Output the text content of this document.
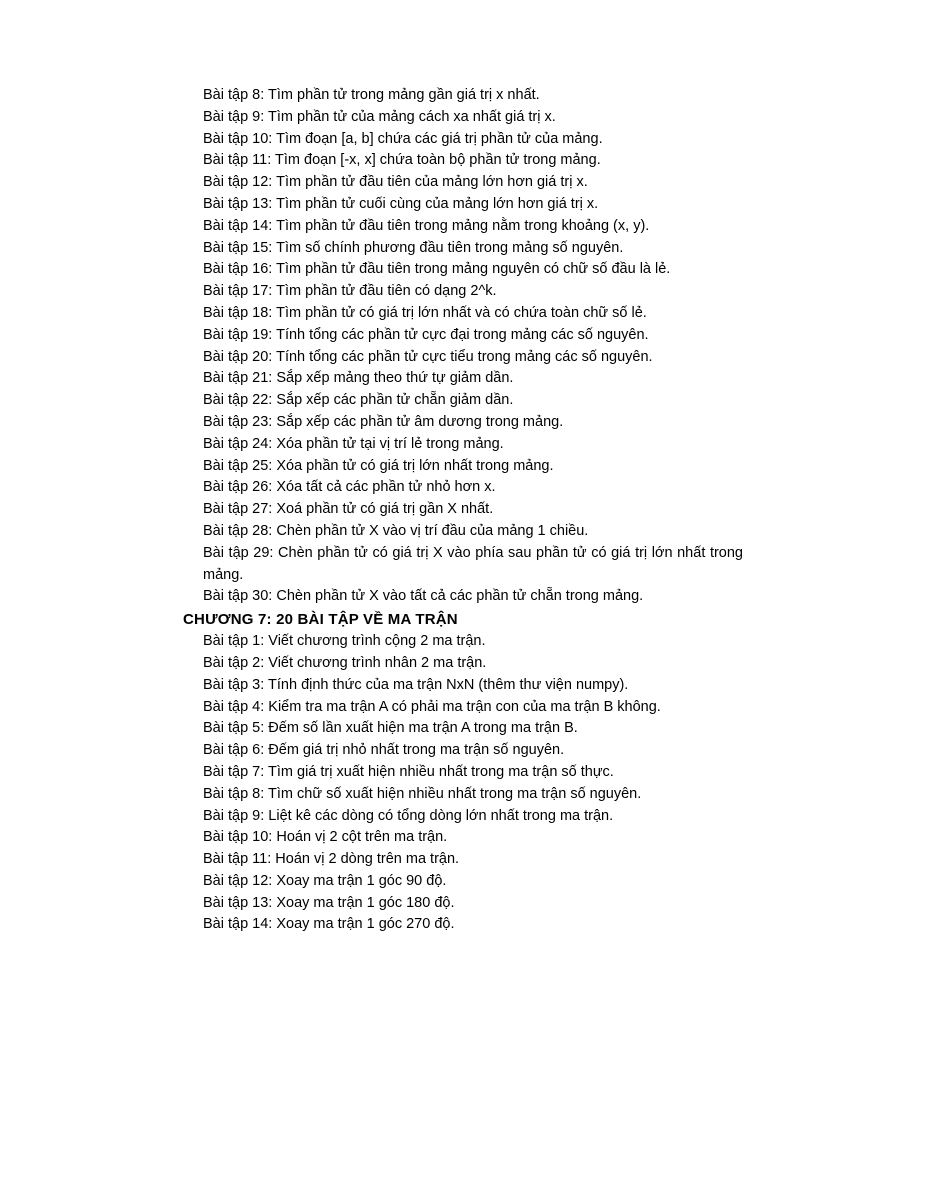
Bài tập 8: Tìm phần tử trong mảng gần giá trị x nhất.

Bài tập 9: Tìm phần tử của mảng cách xa nhất giá trị x.

Bài tập 10: Tìm đoạn [a, b] chứa các giá trị phần tử của mảng.

Bài tập 11: Tìm đoạn [-x, x] chứa toàn bộ phần tử trong mảng.

Bài tập 12: Tìm phần tử đầu tiên của mảng lớn hơn giá trị x.

Bài tập 13: Tìm phần tử cuối cùng của mảng lớn hơn giá trị x.

Bài tập 14: Tìm phần tử đầu tiên trong mảng nằm trong khoảng (x, y).

Bài tập 15: Tìm số chính phương đầu tiên trong mảng số nguyên.

Bài tập 16: Tìm phần tử đầu tiên trong mảng nguyên có chữ số đầu là lẻ.

Bài tập 17: Tìm phần tử đầu tiên có dạng 2^k.

Bài tập 18: Tìm phần tử có giá trị lớn nhất và có chứa toàn chữ số lẻ.

Bài tập 19: Tính tổng các phần tử cực đại trong mảng các số nguyên.

Bài tập 20: Tính tổng các phần tử cực tiểu trong mảng các số nguyên.

Bài tập 21: Sắp xếp mảng theo thứ tự giảm dần.

Bài tập 22: Sắp xếp các phần tử chẵn giảm dần.

Bài tập 23: Sắp xếp các phần tử âm dương trong mảng.

Bài tập 24: Xóa phần tử tại vị trí lẻ trong mảng.

Bài tập 25: Xóa phần tử có giá trị lớn nhất trong mảng.

Bài tập 26: Xóa tất cả các phần tử nhỏ hơn x.

Bài tập 27: Xoá phần tử có giá trị gần X nhất.

Bài tập 28: Chèn phần tử X vào vị trí đầu của mảng 1 chiều.

Bài tập 29: Chèn phần tử có giá trị X vào phía sau phần tử có giá trị lớn nhất trong mảng.

Bài tập 30: Chèn phần tử X vào tất cả các phần tử chẵn trong mảng.

CHƯƠNG 7: 20 BÀI TẬP VỀ MA TRẬN

Bài tập 1: Viết chương trình cộng 2 ma trận.

Bài tập 2: Viết chương trình nhân 2 ma trận.

Bài tập 3: Tính định thức của ma trận NxN (thêm thư viện numpy).

Bài tập 4: Kiểm tra ma trận A có phải ma trận con của ma trận B không.

Bài tập 5: Đếm số lần xuất hiện ma trận A trong ma trận B.

Bài tập 6: Đếm giá trị nhỏ nhất trong ma trận số nguyên.

Bài tập 7: Tìm giá trị xuất hiện nhiều nhất trong ma trận số thực.

Bài tập 8: Tìm chữ số xuất hiện nhiều nhất trong ma trận số nguyên.

Bài tập 9: Liệt kê các dòng có tổng dòng lớn nhất trong ma trận.

Bài tập 10: Hoán vị 2 cột trên ma trận.

Bài tập 11: Hoán vị 2 dòng trên ma trận.

Bài tập 12: Xoay ma trận 1 góc 90 độ.

Bài tập 13: Xoay ma trận 1 góc 180 độ.

Bài tập 14: Xoay ma trận 1 góc 270 độ.
